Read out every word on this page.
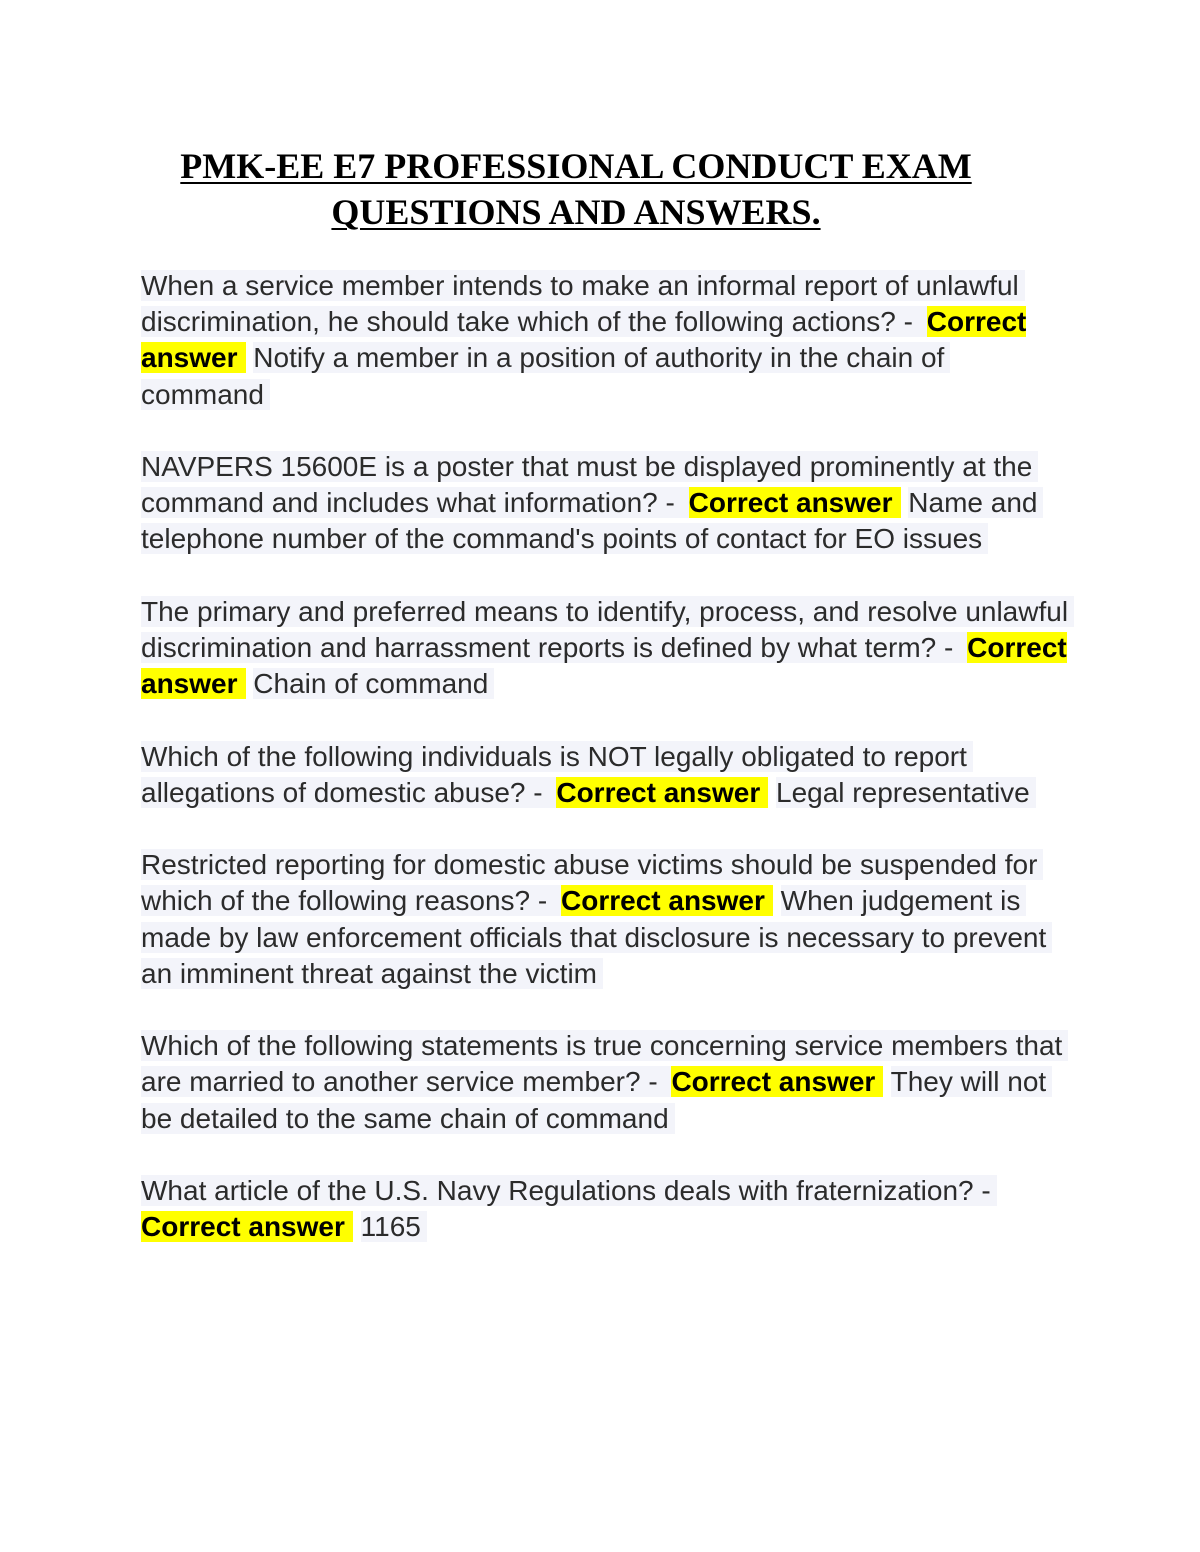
PMK-EE E7 PROFESSIONAL CONDUCT EXAM
QUESTIONS AND ANSWERS.

When a service member intends to make an informal report of unlawful discrimination, he should take which of the following actions? - Correct answer Notify a member in a position of authority in the chain of command

NAVPERS 15600E is a poster that must be displayed prominently at the command and includes what information? - Correct answer Name and telephone number of the command's points of contact for EO issues

The primary and preferred means to identify, process, and resolve unlawful discrimination and harrassment reports is defined by what term? - Correct answer Chain of command

Which of the following individuals is NOT legally obligated to report allegations of domestic abuse? - Correct answer Legal representative

Restricted reporting for domestic abuse victims should be suspended for which of the following reasons? - Correct answer When judgement is made by law enforcement officials that disclosure is necessary to prevent an imminent threat against the victim

Which of the following statements is true concerning service members that are married to another service member? - Correct answer They will not be detailed to the same chain of command

What article of the U.S. Navy Regulations deals with fraternization? - Correct answer 1165
